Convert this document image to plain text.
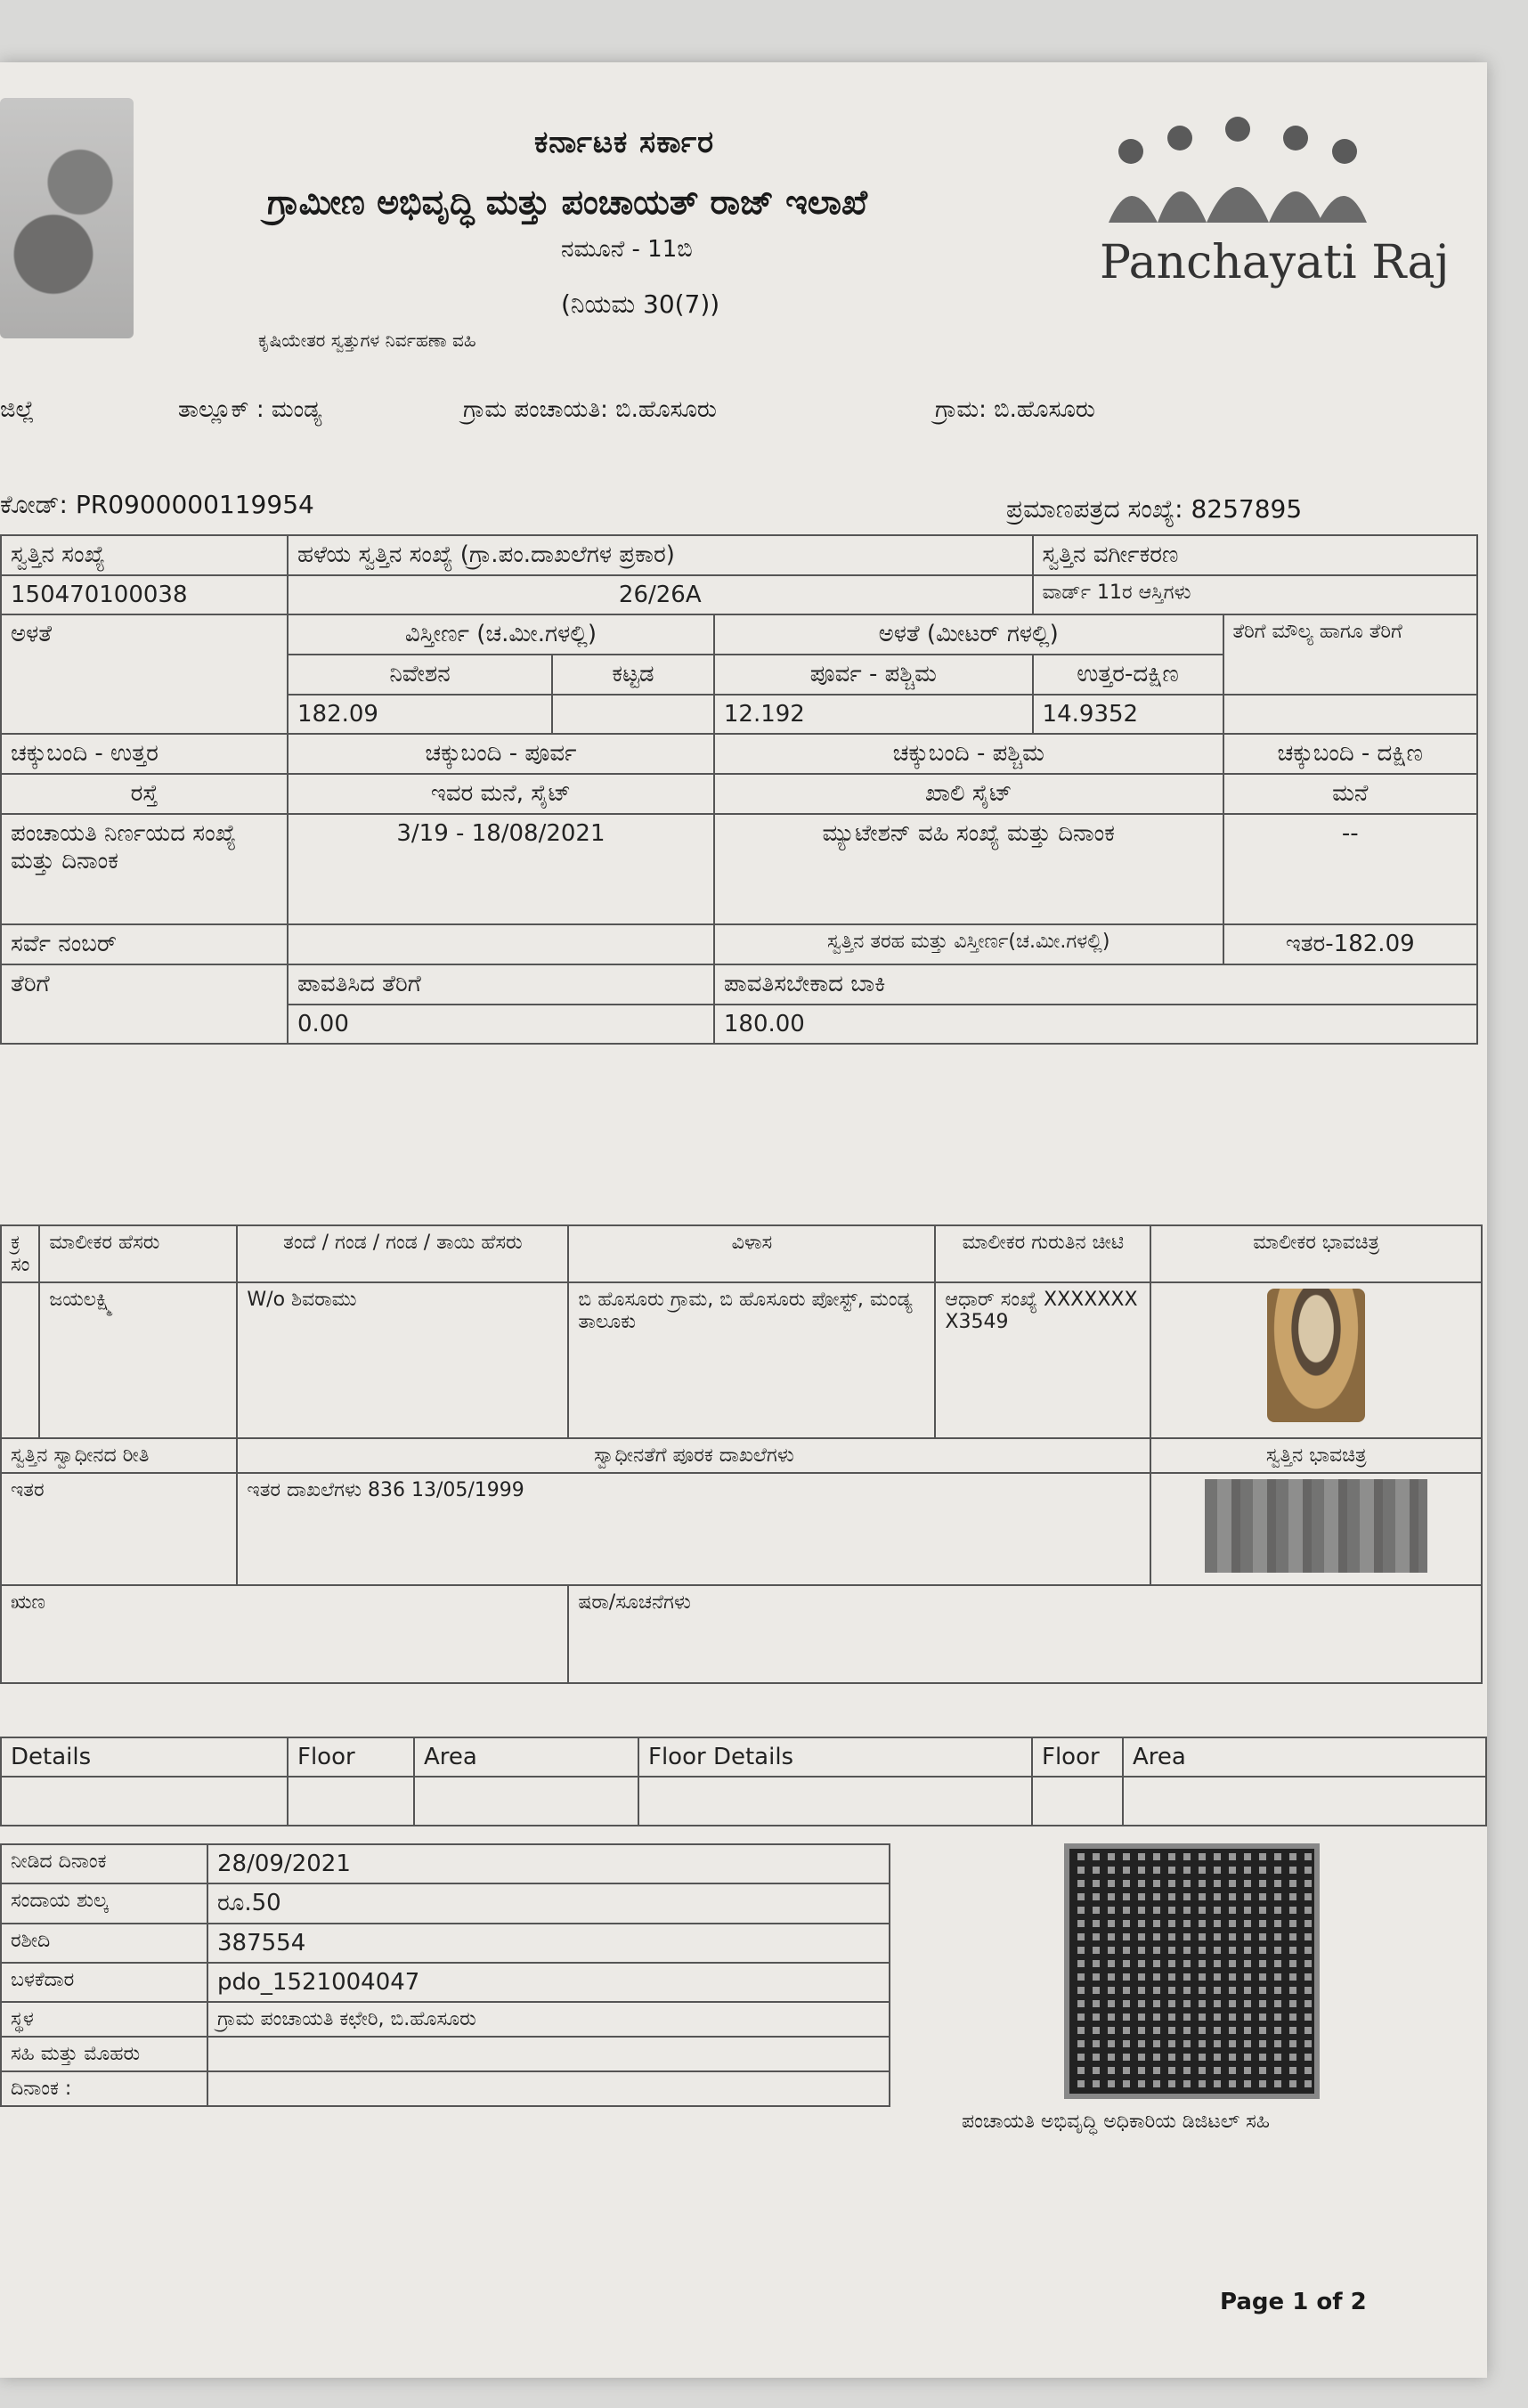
ಕರ್ನಾಟಕ ಸರ್ಕಾರ
ಗ್ರಾಮೀಣ ಅಭಿವೃದ್ಧಿ ಮತ್ತು ಪಂಚಾಯತ್ ರಾಜ್ ಇಲಾಖೆ
ನಮೂನೆ - 11ಬಿ
(ನಿಯಮ 30(7))
ಕೃಷಿಯೇತರ ಸ್ವತ್ತುಗಳ ನಿರ್ವಹಣಾ ವಹಿ
Panchayati Raj
ಜಿಲ್ಲೆ	ತಾಲ್ಲೂಕ್ : ಮಂಡ್ಯ	ಗ್ರಾಮ ಪಂಚಾಯತಿ: ಬಿ.ಹೊಸೂರು	ಗ್ರಾಮ: ಬಿ.ಹೊಸೂರು
ಕೋಡ್: PR0900000119954	ಪ್ರಮಾಣಪತ್ರದ ಸಂಖ್ಯೆ: 8257895
ಸ್ವತ್ತಿನ ಸಂಖ್ಯೆ	ಹಳೆಯ ಸ್ವತ್ತಿನ ಸಂಖ್ಯೆ (ಗ್ರಾ.ಪಂ.ದಾಖಲೆಗಳ ಪ್ರಕಾರ)			ಸ್ವತ್ತಿನ ವರ್ಗೀಕರಣ	
150470100038	26/26A			ವಾರ್ಡ್ 11ರ ಆಸ್ತಿಗಳು	
ಅಳತೆ	ವಿಸ್ತೀರ್ಣ (ಚ.ಮೀ.ಗಳಲ್ಲಿ)		ಅಳತೆ (ಮೀಟರ್ ಗಳಲ್ಲಿ)		ತೆರಿಗೆ ಮೌಲ್ಯ ಹಾಗೂ ತೆರಿಗೆ
	ನಿವೇಶನ	ಕಟ್ಟಡ	ಪೂರ್ವ - ಪಶ್ಚಿಮ	ಉತ್ತರ-ದಕ್ಷಿಣ	
	182.09		12.192	14.9352	
ಚಕ್ಕುಬಂದಿ - ಉತ್ತರ	ಚಕ್ಕುಬಂದಿ - ಪೂರ್ವ		ಚಕ್ಕುಬಂದಿ - ಪಶ್ಚಿಮ		ಚಕ್ಕುಬಂದಿ - ದಕ್ಷಿಣ
ರಸ್ತೆ	ಇವರ ಮನೆ, ಸೈಟ್		ಖಾಲಿ ಸೈಟ್		ಮನೆ
ಪಂಚಾಯತಿ ನಿರ್ಣಯದ ಸಂಖ್ಯೆ ಮತ್ತು ದಿನಾಂಕ	3/19 - 18/08/2021		ಮ್ಯುಟೇಶನ್ ವಹಿ ಸಂಖ್ಯೆ ಮತ್ತು ದಿನಾಂಕ		--
ಸರ್ವೆ ನಂಬರ್			ಸ್ವತ್ತಿನ ತರಹ ಮತ್ತು ವಿಸ್ತೀರ್ಣ(ಚ.ಮೀ.ಗಳಲ್ಲಿ)		ಇತರ-182.09
ತೆರಿಗೆ	ಪಾವತಿಸಿದ ತೆರಿಗೆ		ಪಾವತಿಸಬೇಕಾದ ಬಾಕಿ		
	0.00		180.00		
ಕ್ರ ಸಂ	ಮಾಲೀಕರ ಹೆಸರು	ತಂದೆ / ಗಂಡ / ಗಂಡ / ತಾಯಿ ಹೆಸರು	ವಿಳಾಸ	ಮಾಲೀಕರ ಗುರುತಿನ ಚೀಟಿ	ಮಾಲೀಕರ ಭಾವಚಿತ್ರ
	ಜಯಲಕ್ಷ್ಮಿ	W/o ಶಿವರಾಮು	ಬಿ ಹೊಸೂರು ಗ್ರಾಮ, ಬಿ ಹೊಸೂರು ಪೋಸ್ಟ್, ಮಂಡ್ಯ ತಾಲೂಕು	ಆಧಾರ್ ಸಂಖ್ಯೆ XXXXXXXX3549	
ಸ್ವತ್ತಿನ ಸ್ವಾಧೀನದ ರೀತಿ		ಸ್ವಾಧೀನತೆಗೆ ಪೂರಕ ದಾಖಲೆಗಳು			ಸ್ವತ್ತಿನ ಭಾವಚಿತ್ರ
ಇತರ		ಇತರ ದಾಖಲೆಗಳು 836 13/05/1999			
ಋಣ			ಷರಾ/ಸೂಚನೆಗಳು		
Details	Floor	Area	Floor Details	Floor	Area

ನೀಡಿದ ದಿನಾಂಕ	28/09/2021
ಸಂದಾಯ ಶುಲ್ಕ	ರೂ.50
ರಶೀದಿ	387554
ಬಳಕೆದಾರ	pdo_1521004047
ಸ್ಥಳ	ಗ್ರಾಮ ಪಂಚಾಯತಿ ಕಛೇರಿ, ಬಿ.ಹೊಸೂರು
ಸಹಿ ಮತ್ತು ಮೊಹರು	
ದಿನಾಂಕ :	
ಪಂಚಾಯತಿ ಅಭಿವೃದ್ಧಿ ಅಧಿಕಾರಿಯ ಡಿಜಿಟಲ್ ಸಹಿ
Page 1 of 2
